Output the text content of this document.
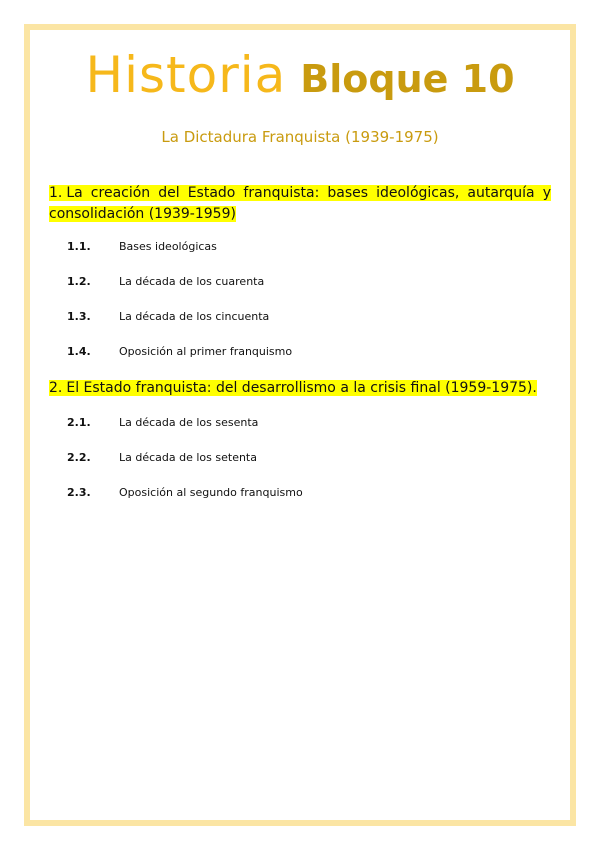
Historia Bloque 10
La Dictadura Franquista (1939-1975)
1. La creación del Estado franquista: bases ideológicas, autarquía y consolidación (1939-1959)
1.1.	Bases ideológicas
1.2.	La década de los cuarenta
1.3.	La década de los cincuenta
1.4.	Oposición al primer franquismo
2. El Estado franquista: del desarrollismo a la crisis final (1959-1975).
2.1.	La década de los sesenta
2.2.	La década de los setenta
2.3.	Oposición al segundo franquismo
